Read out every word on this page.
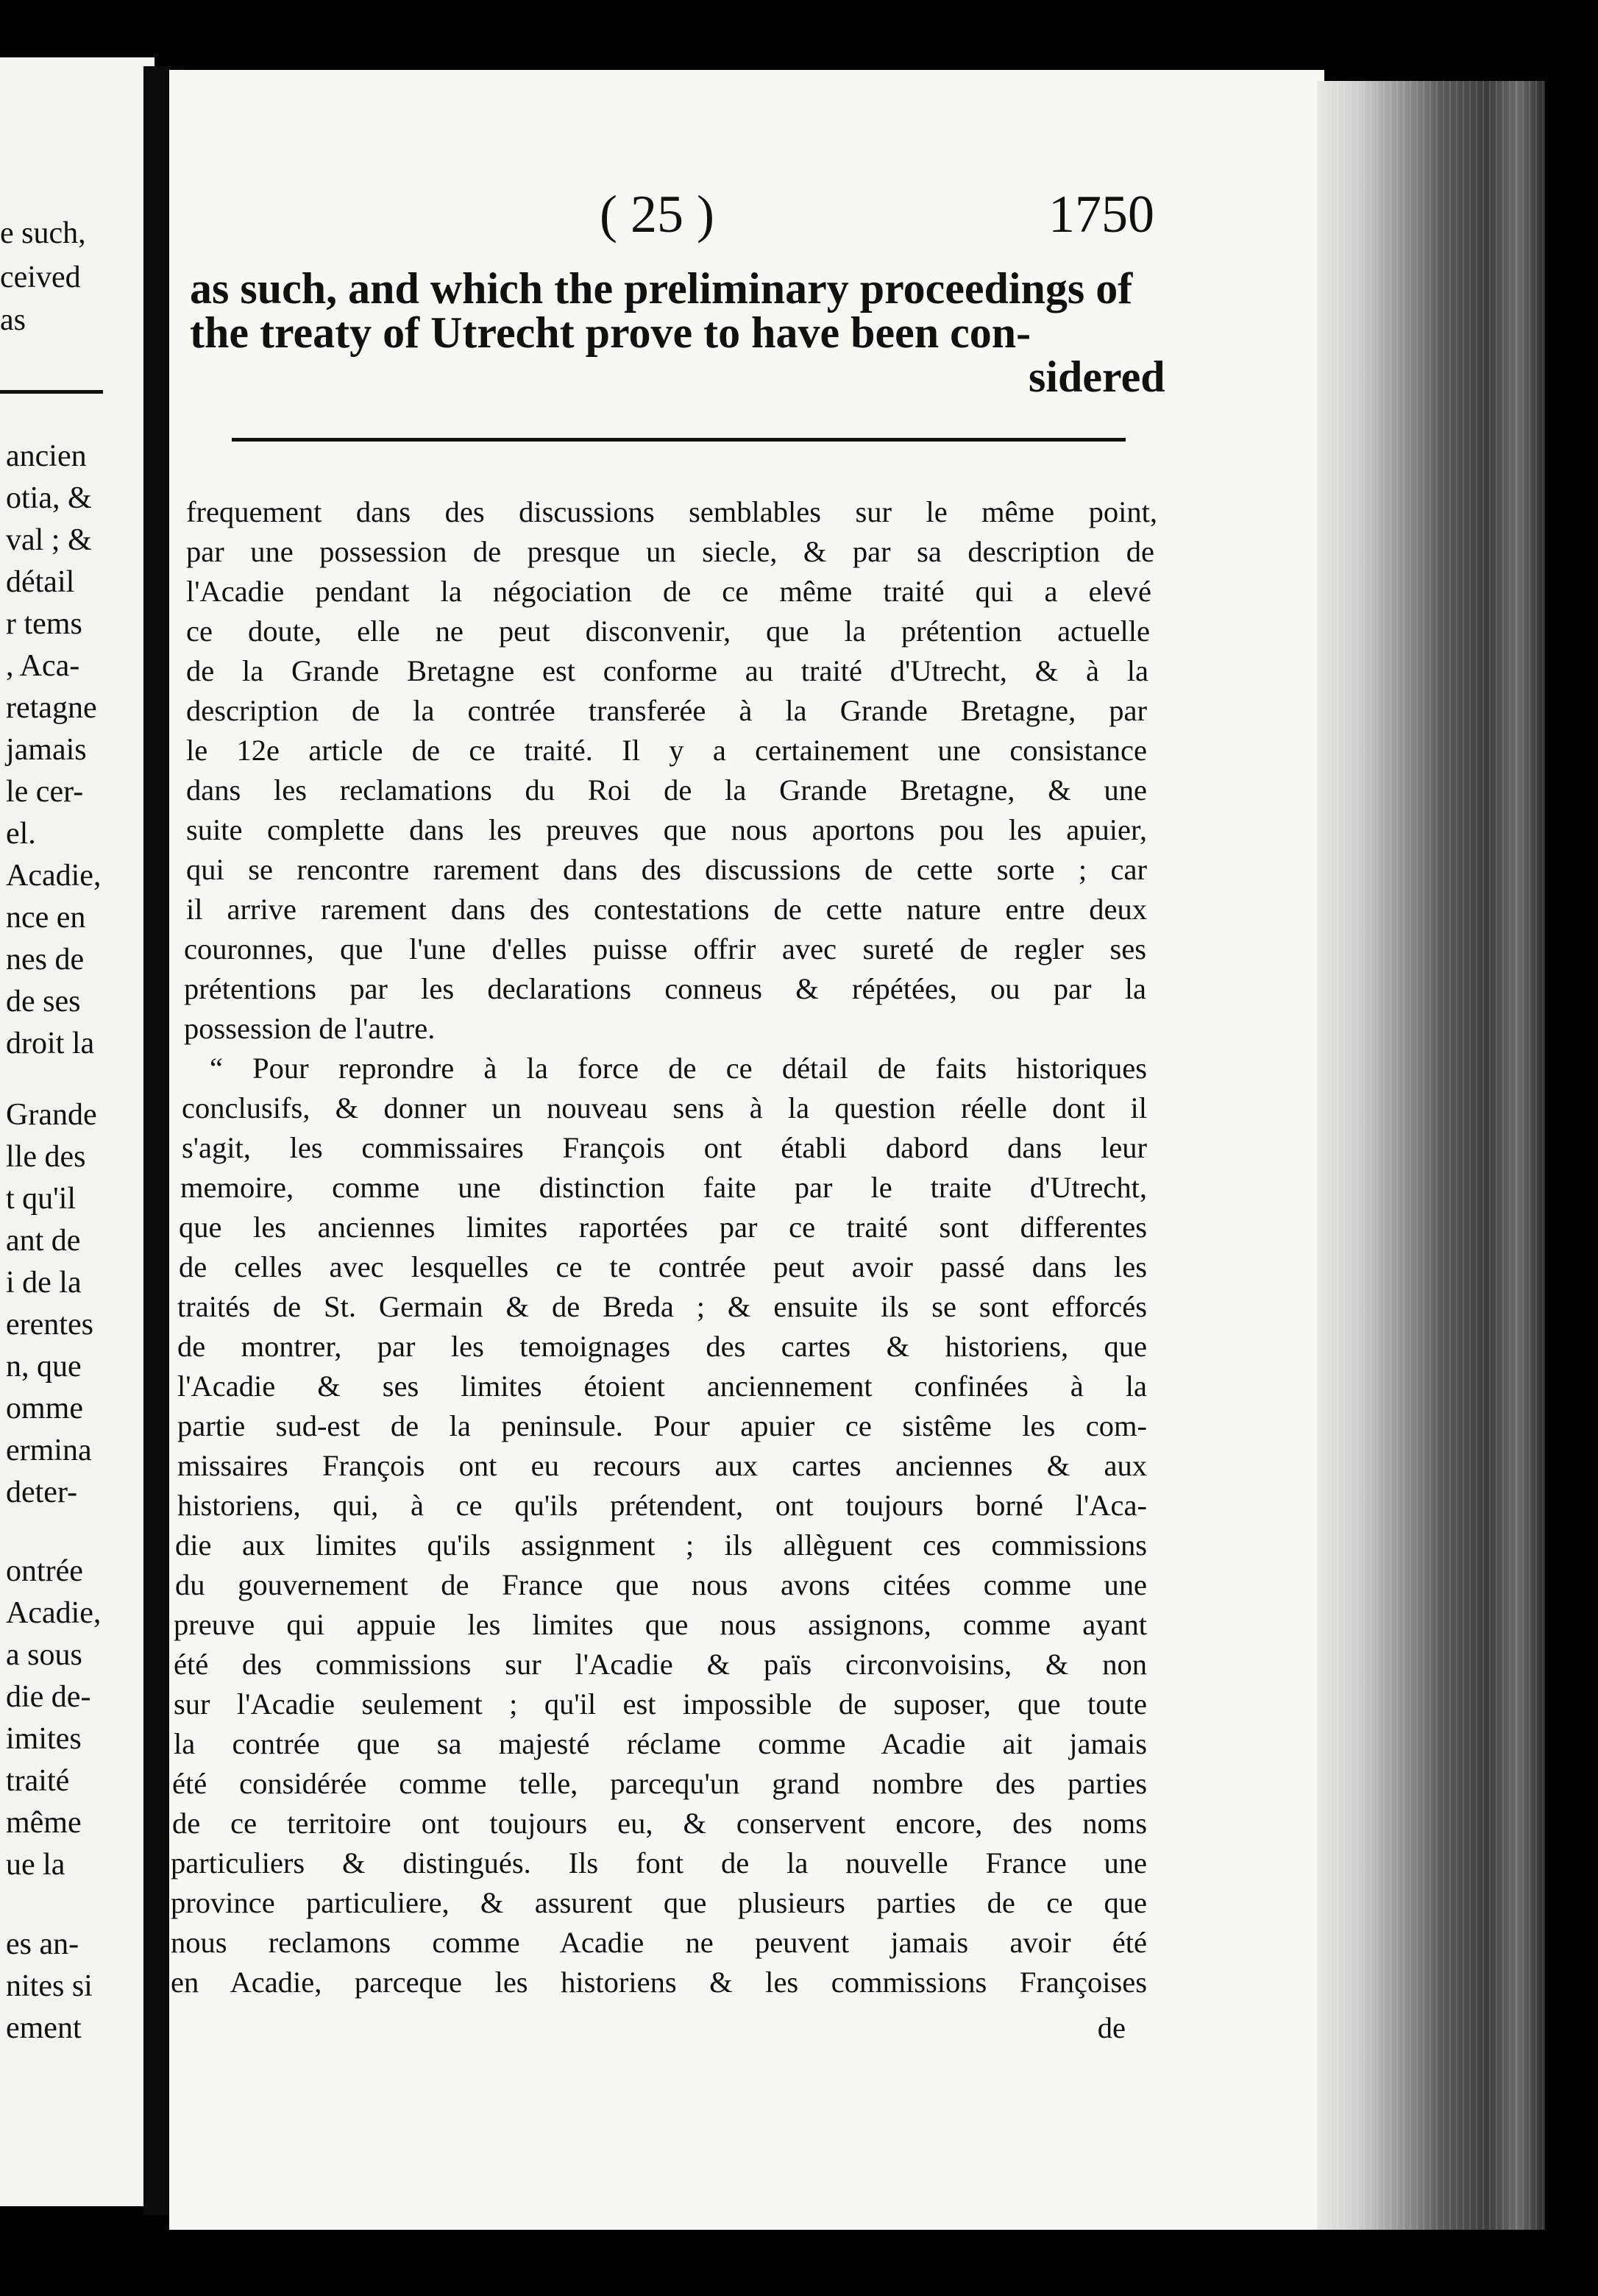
e such,
ceived
as
ancien
otia, &
val ; &
détail
r tems
, Aca-
retagne
jamais
le cer-
el.
Acadie,
nce en
nes de
de ses
droit la
Grande
lle des
t qu'il
ant de
i de la
erentes
n, que
omme
ermina
deter-
ontrée
Acadie,
a sous
die de-
imites
traité
même
ue la
es an-
nites si
ement
( 25 )	1750
as such, and which the preliminary proceedings of
the treaty of Utrecht prove to have been con-
sidered
frequement dans des discussions semblables sur le même point,
par une possession de presque un siecle, & par sa description de
l'Acadie pendant la négociation de ce même traité qui a elevé
ce doute, elle ne peut disconvenir, que la prétention actuelle
de la Grande Bretagne est conforme au traité d'Utrecht, & à la
description de la contrée transferée à la Grande Bretagne, par
le 12e article de ce traité. Il y a certainement une consistance
dans les reclamations du Roi de la Grande Bretagne, & une
suite complette dans les preuves que nous aportons pou les apuier,
qui se rencontre rarement dans des discussions de cette sorte ; car
il arrive rarement dans des contestations de cette nature entre deux
couronnes, que l'une d'elles puisse offrir avec sureté de regler ses
prétentions par les declarations conneus & répétées, ou par la
possession de l'autre.
“ Pour reprondre à la force de ce détail de faits historiques
conclusifs, & donner un nouveau sens à la question réelle dont il
s'agit, les commissaires François ont établi dabord dans leur
memoire, comme une distinction faite par le traite d'Utrecht,
que les anciennes limites raportées par ce traité sont differentes
de celles avec lesquelles ce te contrée peut avoir passé dans les
traités de St. Germain & de Breda ; & ensuite ils se sont efforcés
de montrer, par les temoignages des cartes & historiens, que
l'Acadie & ses limites étoient anciennement confinées à la
partie sud-est de la peninsule. Pour apuier ce sistême les com-
missaires François ont eu recours aux cartes anciennes & aux
historiens, qui, à ce qu'ils prétendent, ont toujours borné l'Aca-
die aux limites qu'ils assignment ; ils allèguent ces commissions
du gouvernement de France que nous avons citées comme une
preuve qui appuie les limites que nous assignons, comme ayant
été des commissions sur l'Acadie & païs circonvoisins, & non
sur l'Acadie seulement ; qu'il est impossible de suposer, que toute
la contrée que sa majesté réclame comme Acadie ait jamais
été considérée comme telle, parcequ'un grand nombre des parties
de ce territoire ont toujours eu, & conservent encore, des noms
particuliers & distingués. Ils font de la nouvelle France une
province particuliere, & assurent que plusieurs parties de ce que
nous reclamons comme Acadie ne peuvent jamais avoir été
en Acadie, parceque les historiens & les commissions Françoises
de
